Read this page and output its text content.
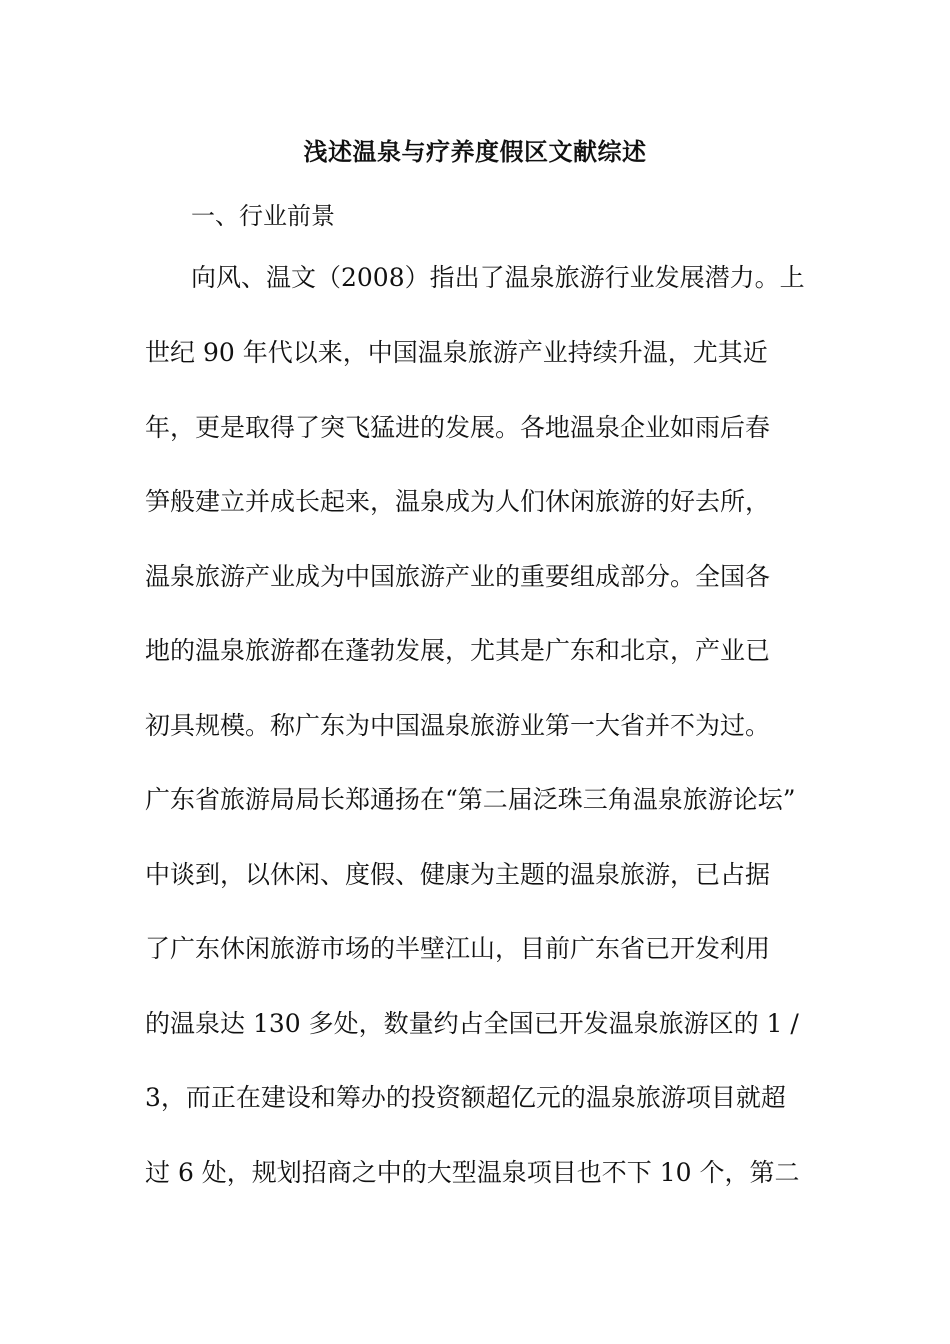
浅述温泉与疗养度假区文献综述

一、行业前景

向风、温文（2008）指出了温泉旅游行业发展潜力。上

世纪 90 年代以来，中国温泉旅游产业持续升温，尤其近

年，更是取得了突飞猛进的发展。各地温泉企业如雨后春

笋般建立并成长起来，温泉成为人们休闲旅游的好去所，

温泉旅游产业成为中国旅游产业的重要组成部分。全国各

地的温泉旅游都在蓬勃发展，尤其是广东和北京，产业已

初具规模。称广东为中国温泉旅游业第一大省并不为过。

广东省旅游局局长郑通扬在“第二届泛珠三角温泉旅游论坛”

中谈到，以休闲、度假、健康为主题的温泉旅游，已占据

了广东休闲旅游市场的半壁江山，目前广东省已开发利用

的温泉达 130 多处，数量约占全国已开发温泉旅游区的 1 /

3，而正在建设和筹办的投资额超亿元的温泉旅游项目就超

过 6 处，规划招商之中的大型温泉项目也不下 10 个，第二
